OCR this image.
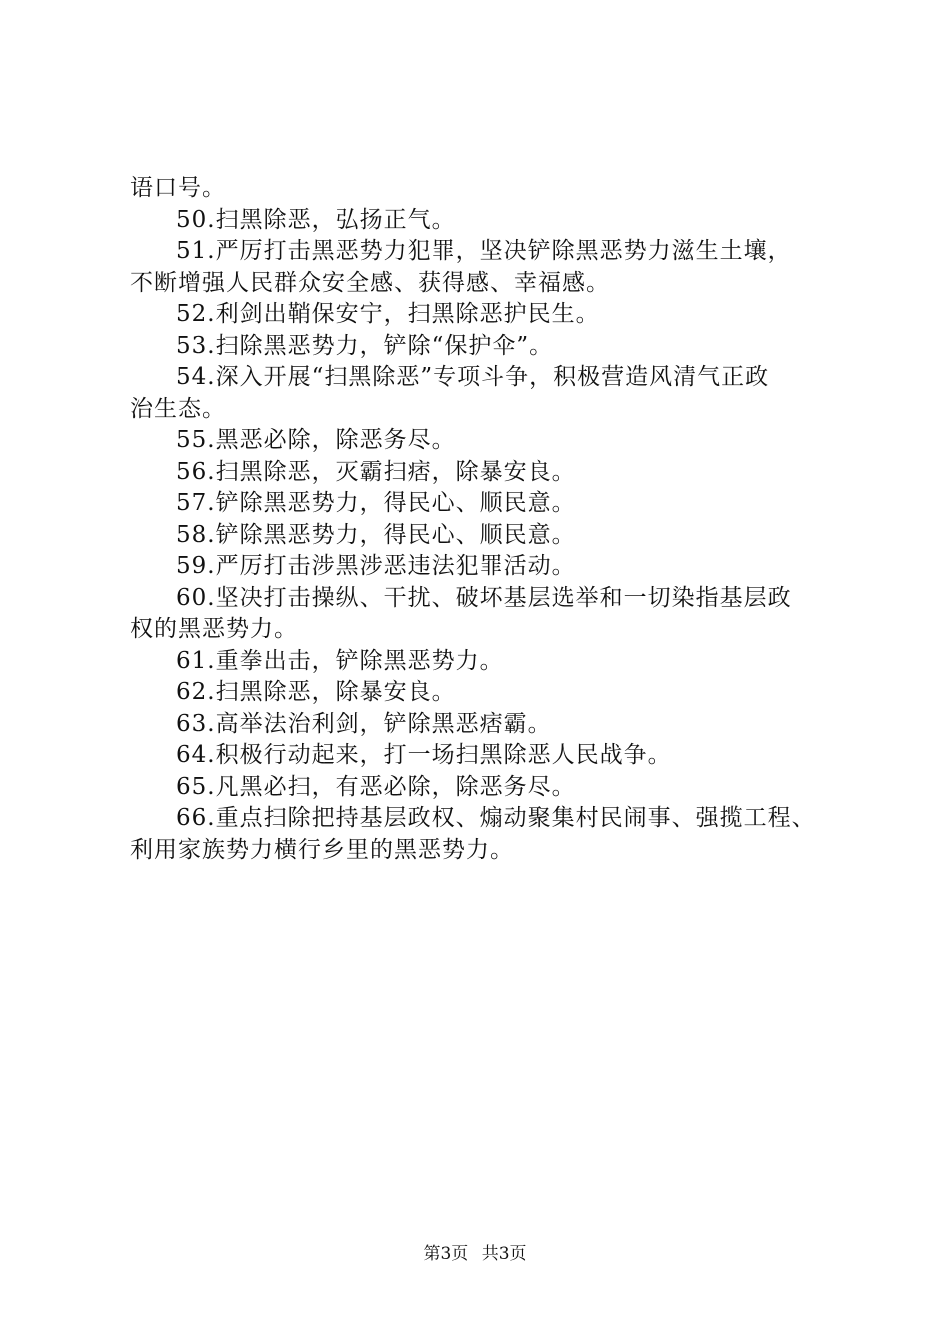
语口号。
50.扫黑除恶，弘扬正气。
51.严厉打击黑恶势力犯罪，坚决铲除黑恶势力滋生土壤，
不断增强人民群众安全感、获得感、幸福感。
52.利剑出鞘保安宁，扫黑除恶护民生。
53.扫除黑恶势力，铲除“保护伞”。
54.深入开展“扫黑除恶”专项斗争，积极营造风清气正政
治生态。
55.黑恶必除，除恶务尽。
56.扫黑除恶，灭霸扫痞，除暴安良。
57.铲除黑恶势力，得民心、顺民意。
58.铲除黑恶势力，得民心、顺民意。
59.严厉打击涉黑涉恶违法犯罪活动。
60.坚决打击操纵、干扰、破坏基层选举和一切染指基层政
权的黑恶势力。
61.重拳出击，铲除黑恶势力。
62.扫黑除恶，除暴安良。
63.高举法治利剑，铲除黑恶痞霸。
64.积极行动起来，打一场扫黑除恶人民战争。
65.凡黑必扫，有恶必除，除恶务尽。
66.重点扫除把持基层政权、煽动聚集村民闹事、强揽工程、
利用家族势力横行乡里的黑恶势力。
第3页 共3页
